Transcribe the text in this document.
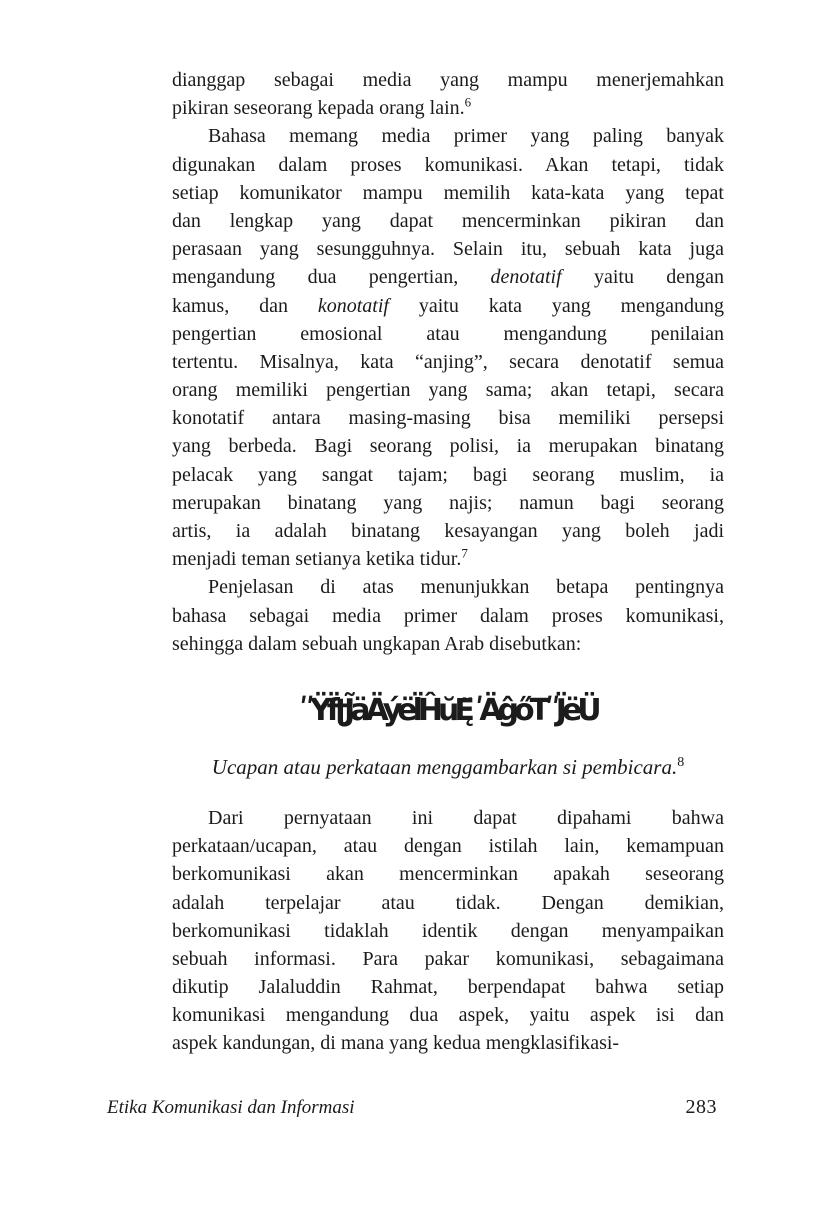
dianggap sebagai media yang mampu menerjemahkan
pikiran seseorang kepada orang lain.$^6$
Bahasa memang media primer yang paling banyak
digunakan dalam proses komunikasi. Akan tetapi, tidak
setiap komunikator mampu memilih kata-kata yang tepat
dan lengkap yang dapat mencerminkan pikiran dan
perasaan yang sesungguhnya. Selain itu, sebuah kata juga
mengandung dua pengertian, denotatif yaitu dengan
kamus, dan konotatif yaitu kata yang mengandung
pengertian emosional atau mengandung penilaian
tertentu. Misalnya, kata “anjing”, secara denotatif semua
orang memiliki pengertian yang sama; akan tetapi, secara
konotatif antara masing-masing bisa memiliki persepsi
yang berbeda. Bagi seorang polisi, ia merupakan binatang
pelacak yang sangat tajam; bagi seorang muslim, ia
merupakan binatang yang najis; namun bagi seorang
artis, ia adalah binatang kesayangan yang boleh jadi
menjadi teman setianya ketika tidur.$^7$
Penjelasan di atas menunjukkan betapa pentingnya
bahasa sebagai media primer dalam proses komunikasi,
sehingga dalam sebuah ungkapan Arab disebutkan:
ʺŸf̈ʈJ̃äÄýël̈ĤŭĘ̈ ʹÄĝőTʺJ̈ëÜ
Ucapan atau perkataan menggambarkan si pembicara.$^8$
Dari pernyataan ini dapat dipahami bahwa
perkataan/ucapan, atau dengan istilah lain, kemampuan
berkomunikasi akan mencerminkan apakah seseorang
adalah terpelajar atau tidak. Dengan demikian,
berkomunikasi tidaklah identik dengan menyampaikan
sebuah informasi. Para pakar komunikasi, sebagaimana
dikutip Jalaluddin Rahmat, berpendapat bahwa setiap
komunikasi mengandung dua aspek, yaitu aspek isi dan
aspek kandungan, di mana yang kedua mengklasifikasi-
Etika Komunikasi dan Informasi	283
